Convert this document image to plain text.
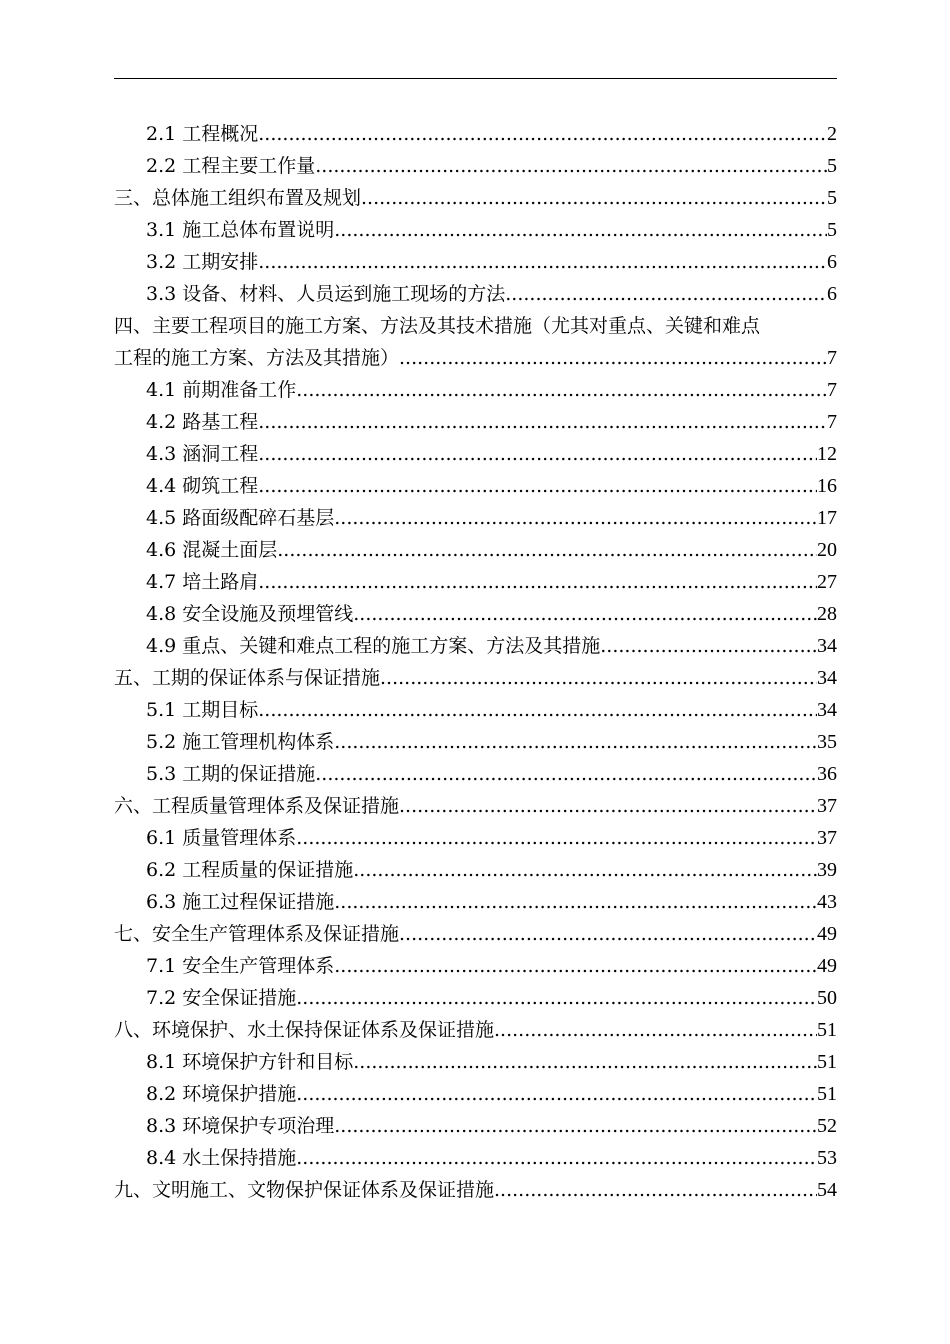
2.1 工程概况 .....	2
2.2 工程主要工作量 .....	5
三、总体施工组织布置及规划 .....	5
3.1 施工总体布置说明 .....	5
3.2 工期安排 .....	6
3.3 设备、材料、人员运到施工现场的方法 .....	6
四、主要工程项目的施工方案、方法及其技术措施（尤其对重点、关键和难点
工程的施工方案、方法及其措施） .....	7
4.1 前期准备工作 .....	7
4.2 路基工程 .....	7
4.3 涵洞工程 .....	12
4.4 砌筑工程 .....	16
4.5 路面级配碎石基层 .....	17
4.6 混凝土面层 .....	20
4.7 培土路肩 .....	27
4.8 安全设施及预埋管线 .....	28
4.9 重点、关键和难点工程的施工方案、方法及其措施 .....	34
五、工期的保证体系与保证措施 .....	34
5.1 工期目标 .....	34
5.2 施工管理机构体系 .....	35
5.3 工期的保证措施 .....	36
六、工程质量管理体系及保证措施 .....	37
6.1 质量管理体系 .....	37
6.2 工程质量的保证措施 .....	39
6.3 施工过程保证措施 .....	43
七、安全生产管理体系及保证措施 .....	49
7.1 安全生产管理体系 .....	49
7.2 安全保证措施 .....	50
八、环境保护、水土保持保证体系及保证措施 .....	51
8.1 环境保护方针和目标 .....	51
8.2 环境保护措施 .....	51
8.3 环境保护专项治理 .....	52
8.4 水土保持措施 .....	53
九、文明施工、文物保护保证体系及保证措施 .....	54
